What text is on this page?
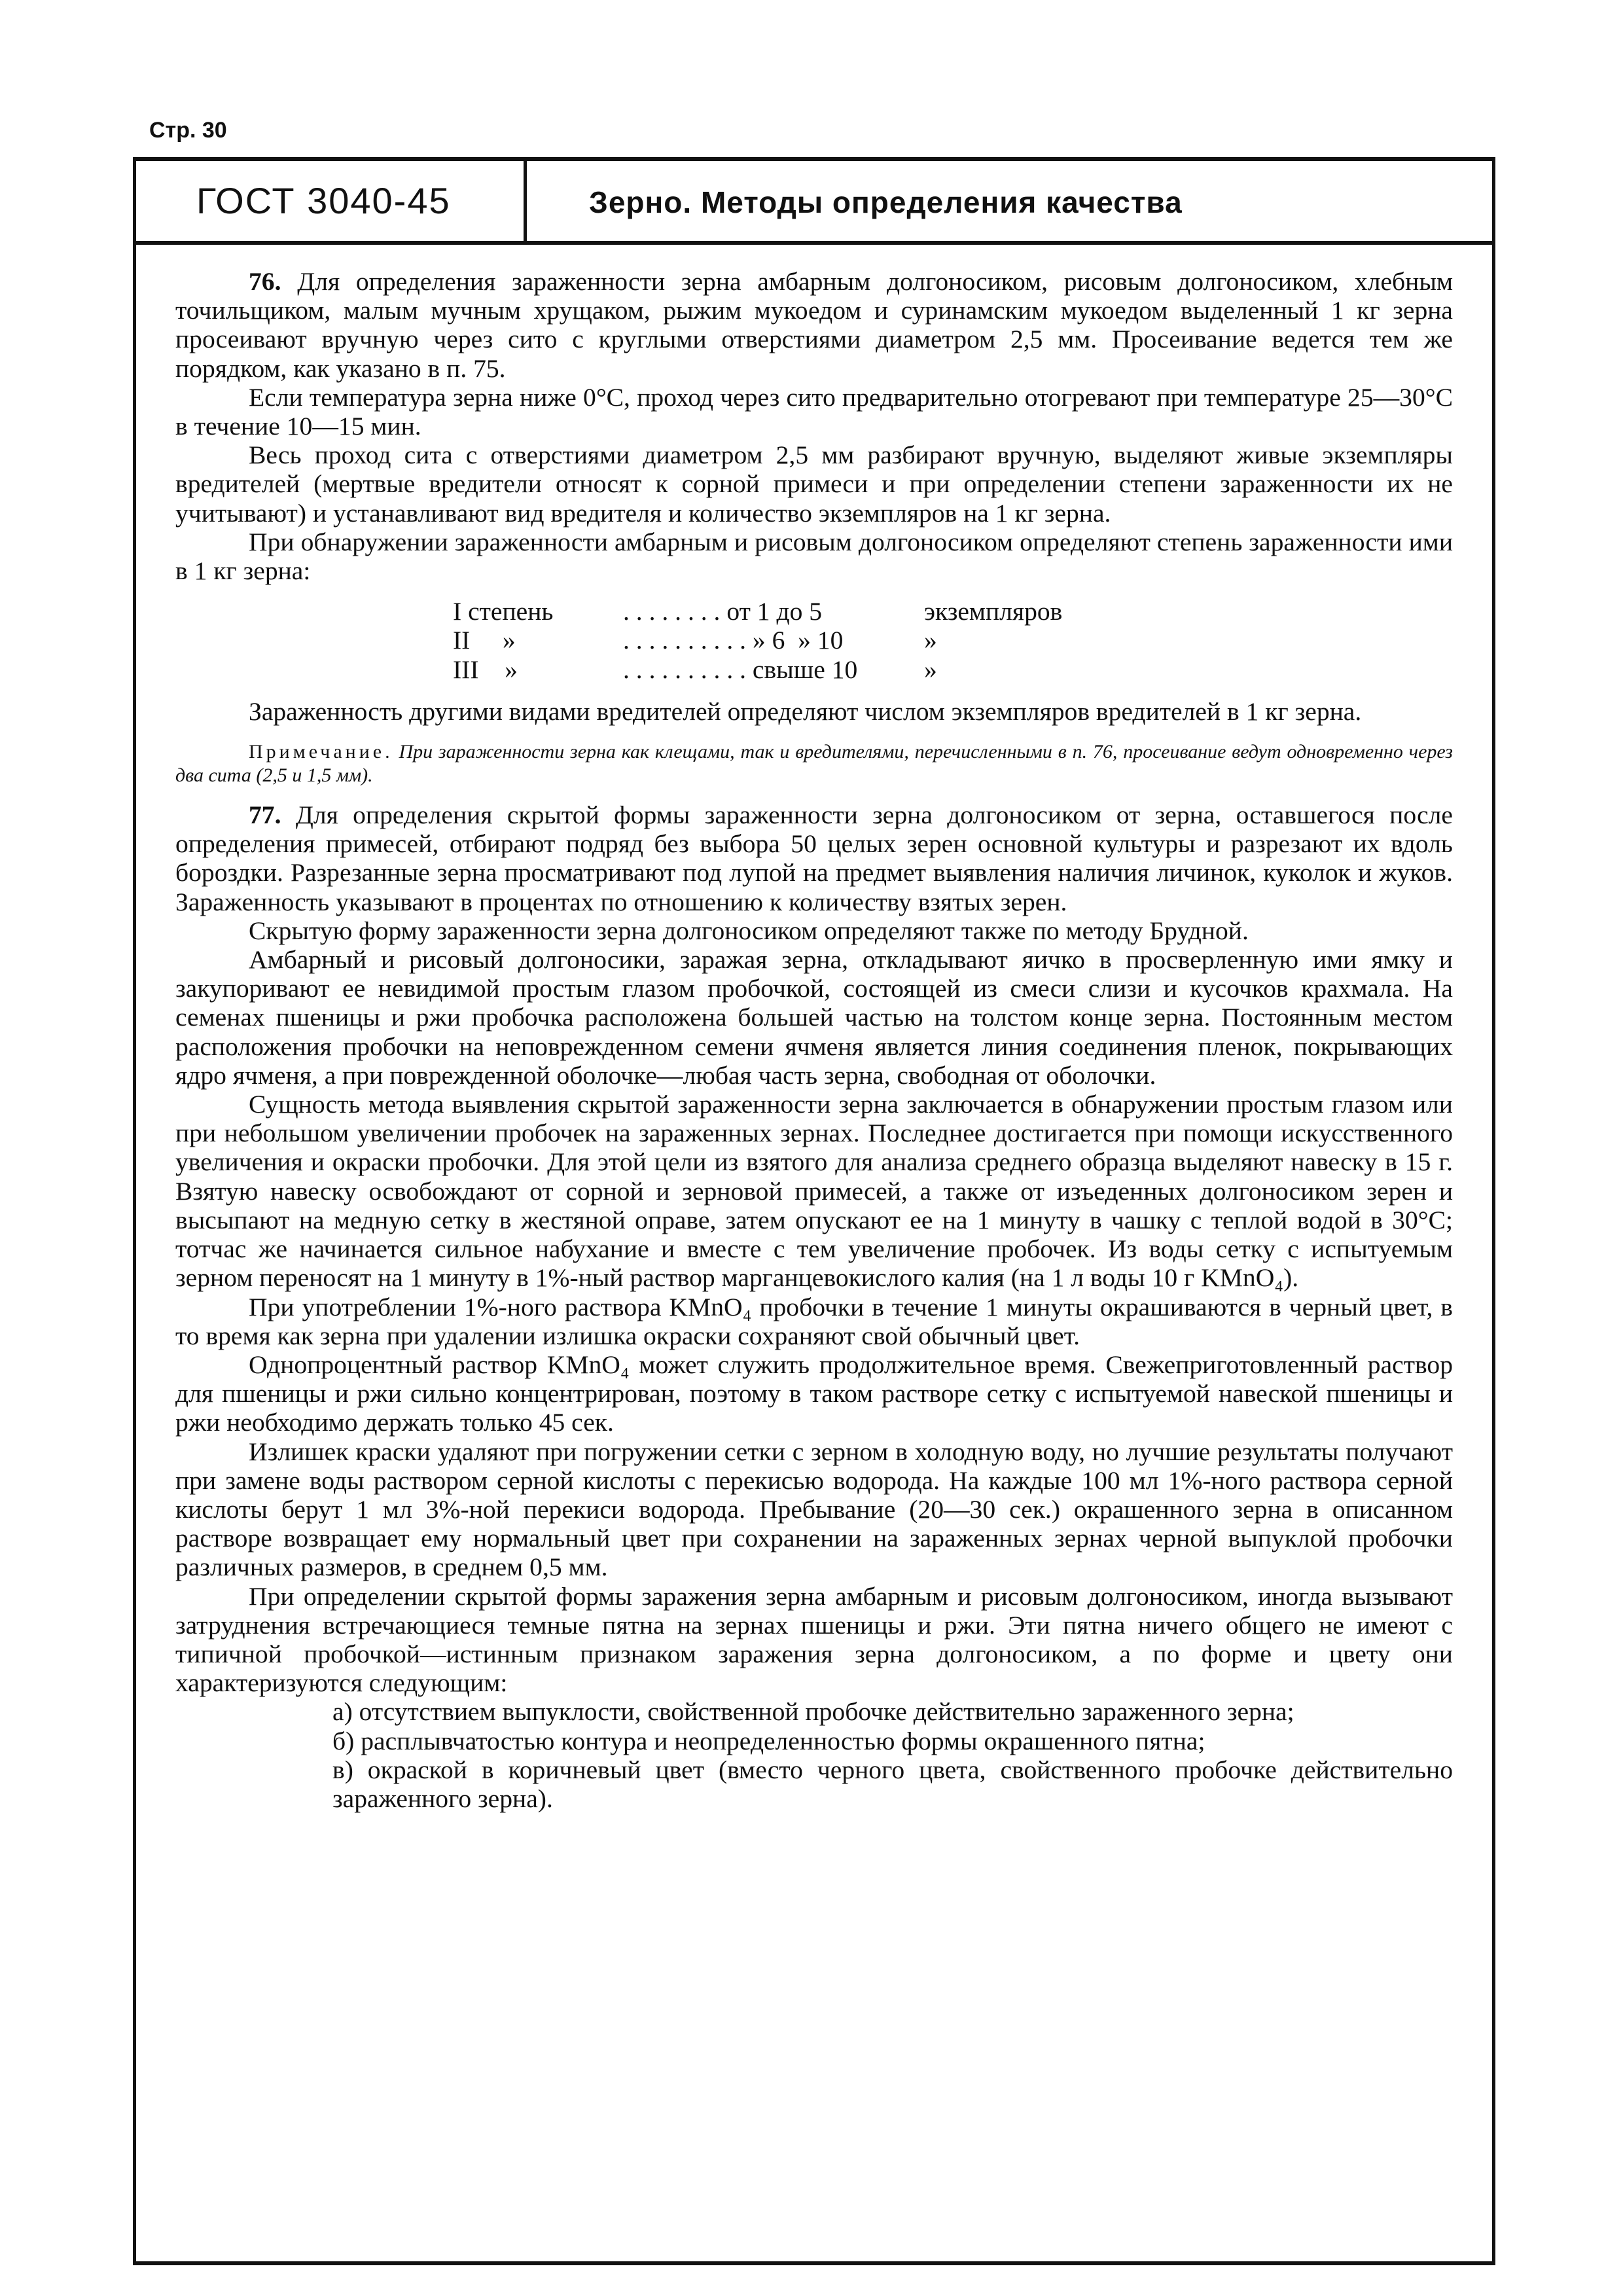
Стр. 30
ГОСТ 3040-45	Зерно. Методы определения качества

76. Для определения зараженности зерна амбарным долгоносиком, рисовым долгоносиком, хлебным точильщиком, малым мучным хрущаком, рыжим мукоедом и суринамским мукоедом выделенный 1 кг зерна просеивают вручную через сито с круглыми отверстиями диаметром 2,5 мм. Просеивание ведется тем же порядком, как указано в п. 75.

Если температура зерна ниже 0°С, проход через сито предварительно отогревают при температуре 25—30°С в течение 10—15 мин.

Весь проход сита с отверстиями диаметром 2,5 мм разбирают вручную, выделяют живые экземпляры вредителей (мертвые вредители относят к сорной примеси и при определении степени зараженности их не учитывают) и устанавливают вид вредителя и количество экземпляров на 1 кг зерна.

При обнаружении зараженности амбарным и рисовым долгоносиком определяют степень зараженности ими в 1 кг зерна:

I степень	. . . . . . . . от 1 до 5	экземпляров
II     »	. . . . . . . . . . » 6  » 10	»
III    »	. . . . . . . . . . свыше 10	»

Зараженность другими видами вредителей определяют числом экземпляров вредителей в 1 кг зерна.

Примечание. При зараженности зерна как клещами, так и вредителями, перечисленными в п. 76, просеивание ведут одновременно через два сита (2,5 и 1,5 мм).

77. Для определения скрытой формы зараженности зерна долгоносиком от зерна, оставшегося после определения примесей, отбирают подряд без выбора 50 целых зерен основной культуры и разрезают их вдоль бороздки. Разрезанные зерна просматривают под лупой на предмет выявления наличия личинок, куколок и жуков. Зараженность указывают в процентах по отношению к количеству взятых зерен.

Скрытую форму зараженности зерна долгоносиком определяют также по методу Брудной.

Амбарный и рисовый долгоносики, заражая зерна, откладывают яичко в просверленную ими ямку и закупоривают ее невидимой простым глазом пробочкой, состоящей из смеси слизи и кусочков крахмала. На семенах пшеницы и ржи пробочка расположена большей частью на толстом конце зерна. Постоянным местом расположения пробочки на неповрежденном семени ячменя является линия соединения пленок, покрывающих ядро ячменя, а при поврежденной оболочке—любая часть зерна, свободная от оболочки.

Сущность метода выявления скрытой зараженности зерна заключается в обнаружении простым глазом или при небольшом увеличении пробочек на зараженных зернах. Последнее достигается при помощи искусственного увеличения и окраски пробочки. Для этой цели из взятого для анализа среднего образца выделяют навеску в 15 г. Взятую навеску освобождают от сорной и зерновой примесей, а также от изъеденных долгоносиком зерен и высыпают на медную сетку в жестяной оправе, затем опускают ее на 1 минуту в чашку с теплой водой в 30°С; тотчас же начинается сильное набухание и вместе с тем увеличение пробочек. Из воды сетку с испытуемым зерном переносят на 1 минуту в 1%-ный раствор марганцевокислого калия (на 1 л воды 10 г KMnO₄).

При употреблении 1%-ного раствора KMnO₄ пробочки в течение 1 минуты окрашиваются в черный цвет, в то время как зерна при удалении излишка окраски сохраняют свой обычный цвет.

Однопроцентный раствор KMnO₄ может служить продолжительное время. Свежеприготовленный раствор для пшеницы и ржи сильно концентрирован, поэтому в таком растворе сетку с испытуемой навеской пшеницы и ржи необходимо держать только 45 сек.

Излишек краски удаляют при погружении сетки с зерном в холодную воду, но лучшие результаты получают при замене воды раствором серной кислоты с перекисью водорода. На каждые 100 мл 1%-ного раствора серной кислоты берут 1 мл 3%-ной перекиси водорода. Пребывание (20—30 сек.) окрашенного зерна в описанном растворе возвращает ему нормальный цвет при сохранении на зараженных зернах черной выпуклой пробочки различных размеров, в среднем 0,5 мм.

При определении скрытой формы заражения зерна амбарным и рисовым долгоносиком, иногда вызывают затруднения встречающиеся темные пятна на зернах пшеницы и ржи. Эти пятна ничего общего не имеют с типичной пробочкой—истинным признаком заражения зерна долгоносиком, а по форме и цвету они характеризуются следующим:

а) отсутствием выпуклости, свойственной пробочке действительно зараженного зерна;

б) расплывчатостью контура и неопределенностью формы окрашенного пятна;

в) окраской в коричневый цвет (вместо черного цвета, свойственного пробочке действительно зараженного зерна).
